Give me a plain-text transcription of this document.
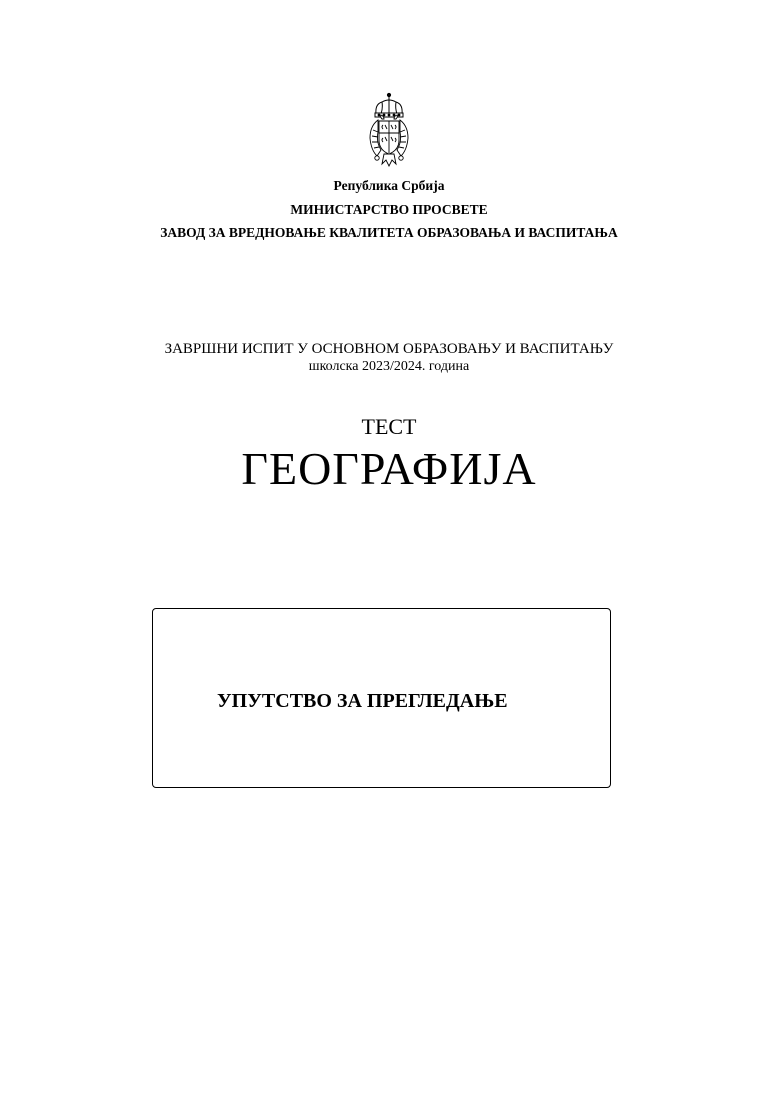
Република Србија
МИНИСТАРСТВО ПРОСВЕТЕ
ЗАВОД ЗА ВРЕДНОВАЊЕ КВАЛИТЕТА ОБРАЗОВАЊА И ВАСПИТАЊА
ЗАВРШНИ ИСПИТ У ОСНОВНОМ ОБРАЗОВАЊУ И ВАСПИТАЊУ
школска 2023/2024. година
ТЕСТ
ГЕОГРАФИЈА
УПУТСТВО ЗА ПРЕГЛЕДАЊЕ
